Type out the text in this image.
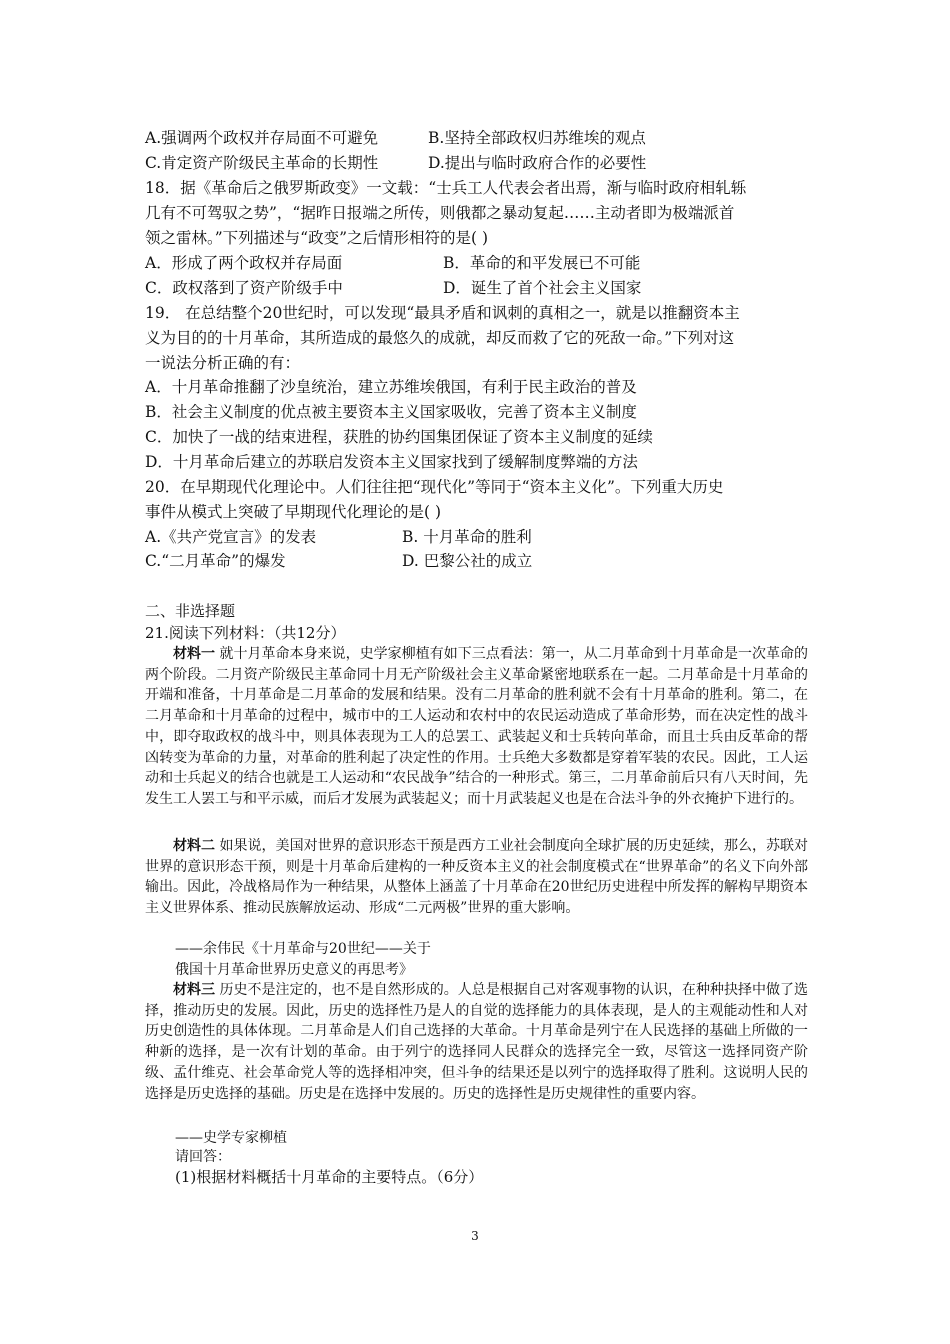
A.强调两个政权并存局面不可避免	B.坚持全部政权归苏维埃的观点
C.肯定资产阶级民主革命的长期性	D.提出与临时政府合作的必要性
18．据《革命后之俄罗斯政变》一文载：“士兵工人代表会者出焉，渐与临时政府相轧轹
几有不可驾驭之势”，“据昨日报端之所传，则俄都之暴动复起……主动者即为极端派首
领之雷林。”下列描述与“政变”之后情形相符的是( )
A．形成了两个政权并存局面	B．革命的和平发展已不可能
C．政权落到了资产阶级手中	D．诞生了首个社会主义国家
19． 在总结整个20世纪时，可以发现“最具矛盾和讽刺的真相之一，就是以推翻资本主
义为目的的十月革命，其所造成的最悠久的成就，却反而救了它的死敌一命。”下列对这
一说法分析正确的有：
A．十月革命推翻了沙皇统治，建立苏维埃俄国，有利于民主政治的普及
B．社会主义制度的优点被主要资本主义国家吸收，完善了资本主义制度
C．加快了一战的结束进程，获胜的协约国集团保证了资本主义制度的延续
D．十月革命后建立的苏联启发资本主义国家找到了缓解制度弊端的方法
20．在早期现代化理论中。人们往往把“现代化”等同于“资本主义化”。下列重大历史
事件从模式上突破了早期现代化理论的是( )
A.《共产党宣言》的发表	B. 十月革命的胜利
C.“二月革命”的爆发	D. 巴黎公社的成立
二、非选择题
21.阅读下列材料：（共12分）

材料一 就十月革命本身来说，史学家柳植有如下三点看法：第一，从二月革命到十月革命是一次革命的两个阶段。二月资产阶级民主革命同十月无产阶级社会主义革命紧密地联系在一起。二月革命是十月革命的开端和准备，十月革命是二月革命的发展和结果。没有二月革命的胜利就不会有十月革命的胜利。第二，在二月革命和十月革命的过程中，城市中的工人运动和农村中的农民运动造成了革命形势，而在决定性的战斗中，即夺取政权的战斗中，则具体表现为工人的总罢工、武装起义和士兵转向革命，而且士兵由反革命的帮凶转变为革命的力量，对革命的胜利起了决定性的作用。士兵绝大多数都是穿着军装的农民。因此，工人运动和士兵起义的结合也就是工人运动和“农民战争”结合的一种形式。第三，二月革命前后只有八天时间，先发生工人罢工与和平示威，而后才发展为武装起义；而十月武装起义也是在合法斗争的外衣掩护下进行的。

材料二 如果说，美国对世界的意识形态干预是西方工业社会制度向全球扩展的历史延续，那么，苏联对世界的意识形态干预，则是十月革命后建构的一种反资本主义的社会制度模式在“世界革命”的名义下向外部输出。因此，冷战格局作为一种结果，从整体上涵盖了十月革命在20世纪历史进程中所发挥的解构早期资本主义世界体系、推动民族解放运动、形成“二元两极”世界的重大影响。

——余伟民《十月革命与20世纪——关于
俄国十月革命世界历史意义的再思考》

材料三 历史不是注定的，也不是自然形成的。人总是根据自己对客观事物的认识，在种种抉择中做了选择，推动历史的发展。因此，历史的选择性乃是人的自觉的选择能力的具体表现，是人的主观能动性和人对历史创造性的具体体现。二月革命是人们自己选择的大革命。十月革命是列宁在人民选择的基础上所做的一种新的选择，是一次有计划的革命。由于列宁的选择同人民群众的选择完全一致，尽管这一选择同资产阶级、孟什维克、社会革命党人等的选择相冲突，但斗争的结果还是以列宁的选择取得了胜利。这说明人民的选择是历史选择的基础。历史是在选择中发展的。历史的选择性是历史规律性的重要内容。

——史学专家柳植
请回答：
(1)根据材料概括十月革命的主要特点。（6分）
3
